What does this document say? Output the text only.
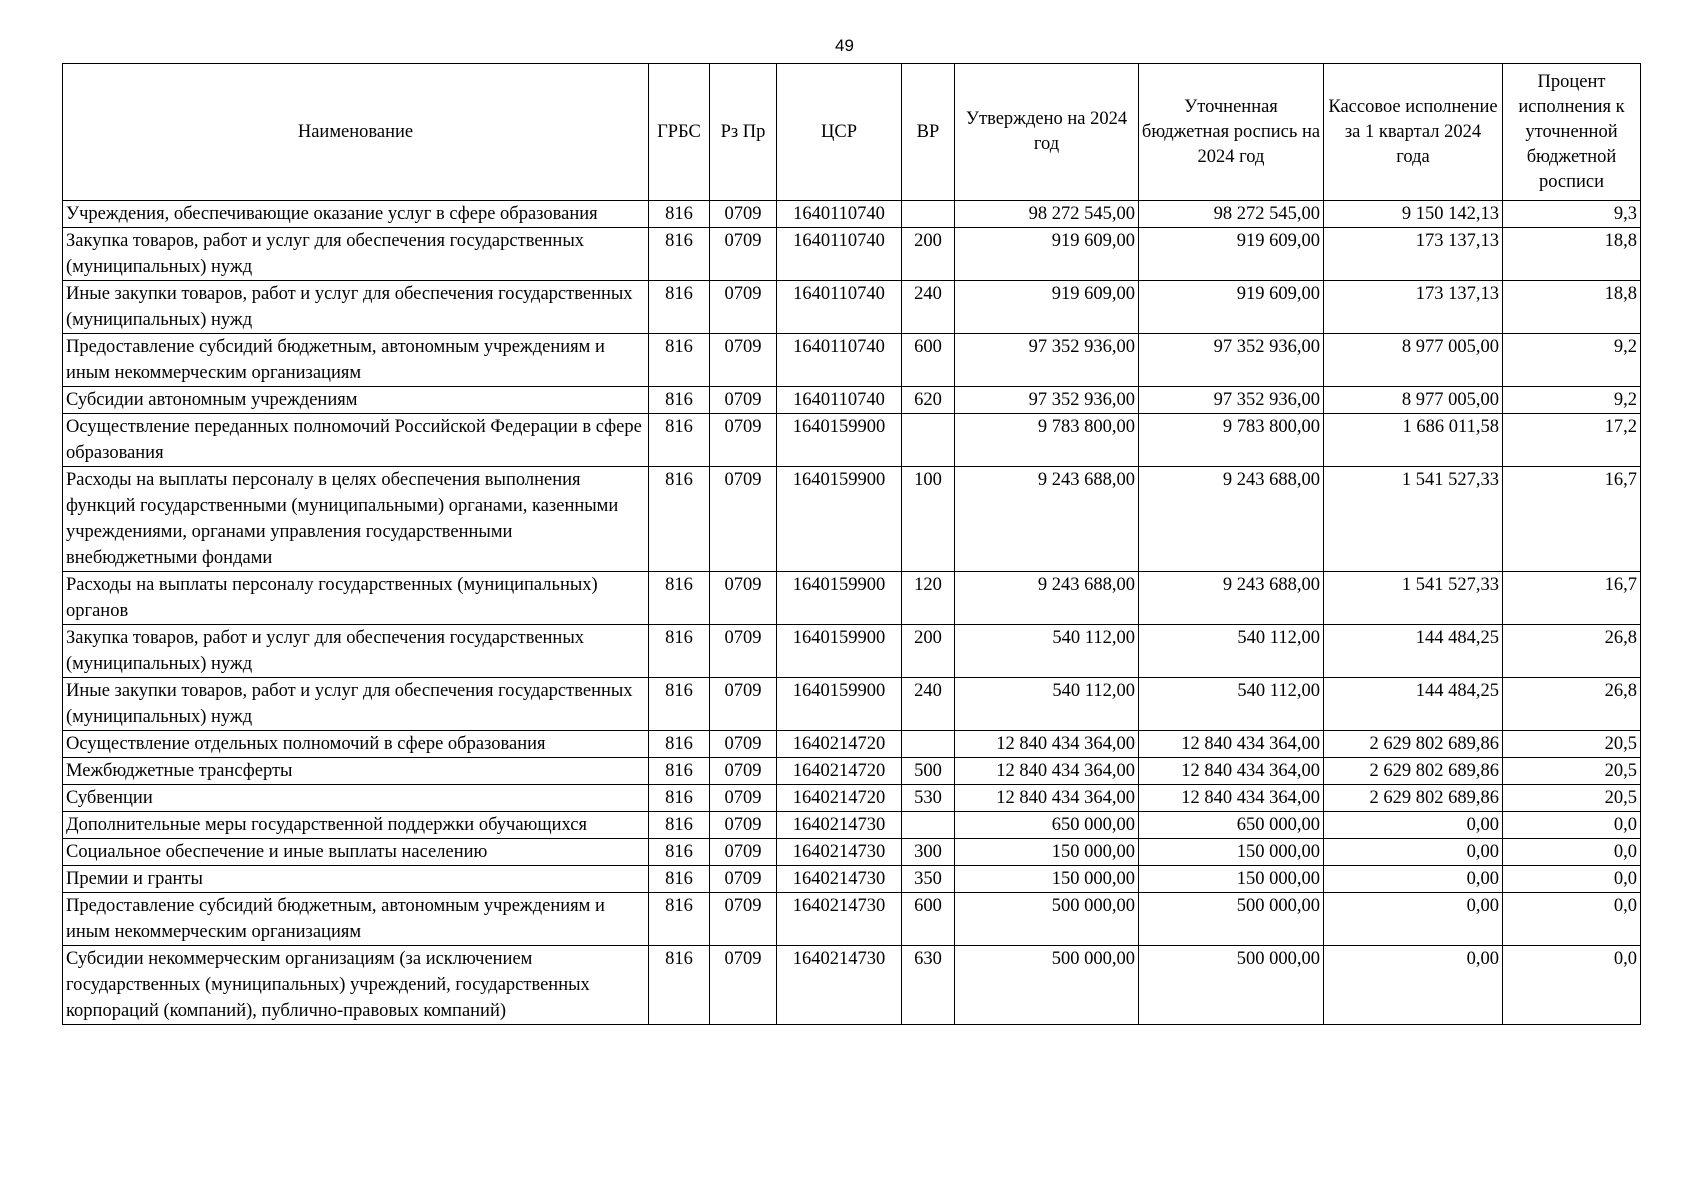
49
Наименование	ГРБС	Рз Пр	ЦСР	ВР	Утверждено на 2024 год	Уточненная бюджетная роспись на 2024 год	Кассовое исполнение за 1 квартал 2024 года	Процент исполнения к уточненной бюджетной росписи
Учреждения, обеспечивающие оказание услуг в сфере образования	816	0709	1640110740		98 272 545,00	98 272 545,00	9 150 142,13	9,3
Закупка товаров, работ и услуг для обеспечения государственных (муниципальных) нужд	816	0709	1640110740	200	919 609,00	919 609,00	173 137,13	18,8
Иные закупки товаров, работ и услуг для обеспечения государственных (муниципальных) нужд	816	0709	1640110740	240	919 609,00	919 609,00	173 137,13	18,8
Предоставление субсидий бюджетным, автономным учреждениям и иным некоммерческим организациям	816	0709	1640110740	600	97 352 936,00	97 352 936,00	8 977 005,00	9,2
Субсидии автономным учреждениям	816	0709	1640110740	620	97 352 936,00	97 352 936,00	8 977 005,00	9,2
Осуществление переданных полномочий Российской Федерации в сфере образования	816	0709	1640159900		9 783 800,00	9 783 800,00	1 686 011,58	17,2
Расходы на выплаты персоналу в целях обеспечения выполнения функций государственными (муниципальными) органами, казенными учреждениями, органами управления государственными внебюджетными фондами	816	0709	1640159900	100	9 243 688,00	9 243 688,00	1 541 527,33	16,7
Расходы на выплаты персоналу государственных (муниципальных) органов	816	0709	1640159900	120	9 243 688,00	9 243 688,00	1 541 527,33	16,7
Закупка товаров, работ и услуг для обеспечения государственных (муниципальных) нужд	816	0709	1640159900	200	540 112,00	540 112,00	144 484,25	26,8
Иные закупки товаров, работ и услуг для обеспечения государственных (муниципальных) нужд	816	0709	1640159900	240	540 112,00	540 112,00	144 484,25	26,8
Осуществление отдельных полномочий в сфере образования	816	0709	1640214720		12 840 434 364,00	12 840 434 364,00	2 629 802 689,86	20,5
Межбюджетные трансферты	816	0709	1640214720	500	12 840 434 364,00	12 840 434 364,00	2 629 802 689,86	20,5
Субвенции	816	0709	1640214720	530	12 840 434 364,00	12 840 434 364,00	2 629 802 689,86	20,5
Дополнительные меры государственной поддержки обучающихся	816	0709	1640214730		650 000,00	650 000,00	0,00	0,0
Социальное обеспечение и иные выплаты населению	816	0709	1640214730	300	150 000,00	150 000,00	0,00	0,0
Премии и гранты	816	0709	1640214730	350	150 000,00	150 000,00	0,00	0,0
Предоставление субсидий бюджетным, автономным учреждениям и иным некоммерческим организациям	816	0709	1640214730	600	500 000,00	500 000,00	0,00	0,0
Субсидии некоммерческим организациям (за исключением государственных (муниципальных) учреждений, государственных корпораций (компаний), публично-правовых компаний)	816	0709	1640214730	630	500 000,00	500 000,00	0,00	0,0
